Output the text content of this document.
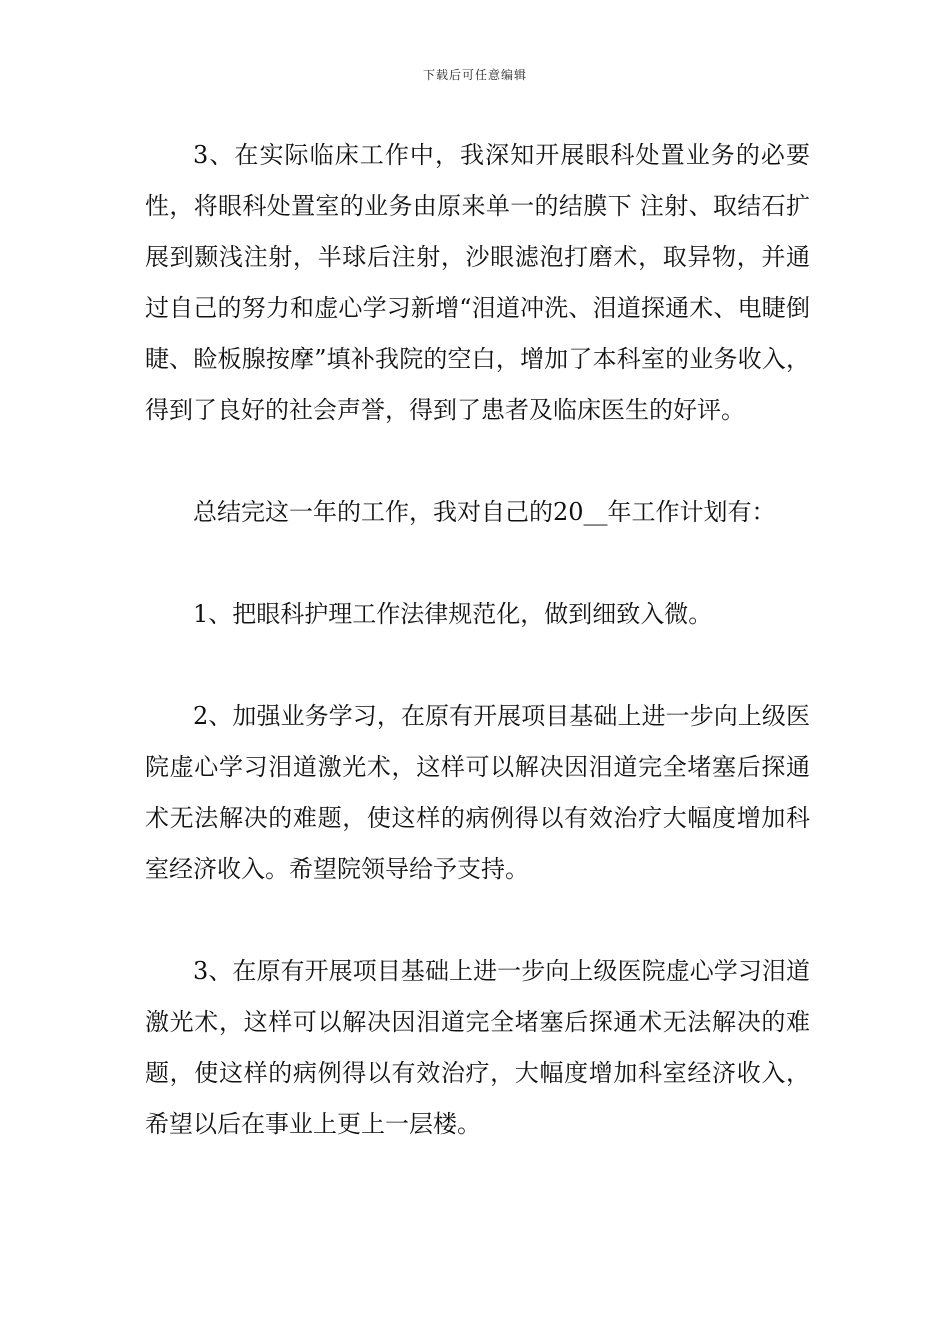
下载后可任意编辑

3、在实际临床工作中，我深知开展眼科处置业务的必要性，将眼科处置室的业务由原来单一的结膜下 注射、取结石扩展到颞浅注射，半球后注射，沙眼滤泡打磨术，取异物，并通过自己的努力和虚心学习新增“泪道冲洗、泪道探通术、电睫倒睫、睑板腺按摩”填补我院的空白，增加了本科室的业务收入，得到了良好的社会声誉，得到了患者及临床医生的好评。

总结完这一年的工作，我对自己的20__年工作计划有：

1、把眼科护理工作法律规范化，做到细致入微。

2、加强业务学习，在原有开展项目基础上进一步向上级医院虚心学习泪道激光术，这样可以解决因泪道完全堵塞后探通术无法解决的难题，使这样的病例得以有效治疗大幅度增加科室经济收入。希望院领导给予支持。

3、在原有开展项目基础上进一步向上级医院虚心学习泪道激光术，这样可以解决因泪道完全堵塞后探通术无法解决的难题，使这样的病例得以有效治疗，大幅度增加科室经济收入，希望以后在事业上更上一层楼。
